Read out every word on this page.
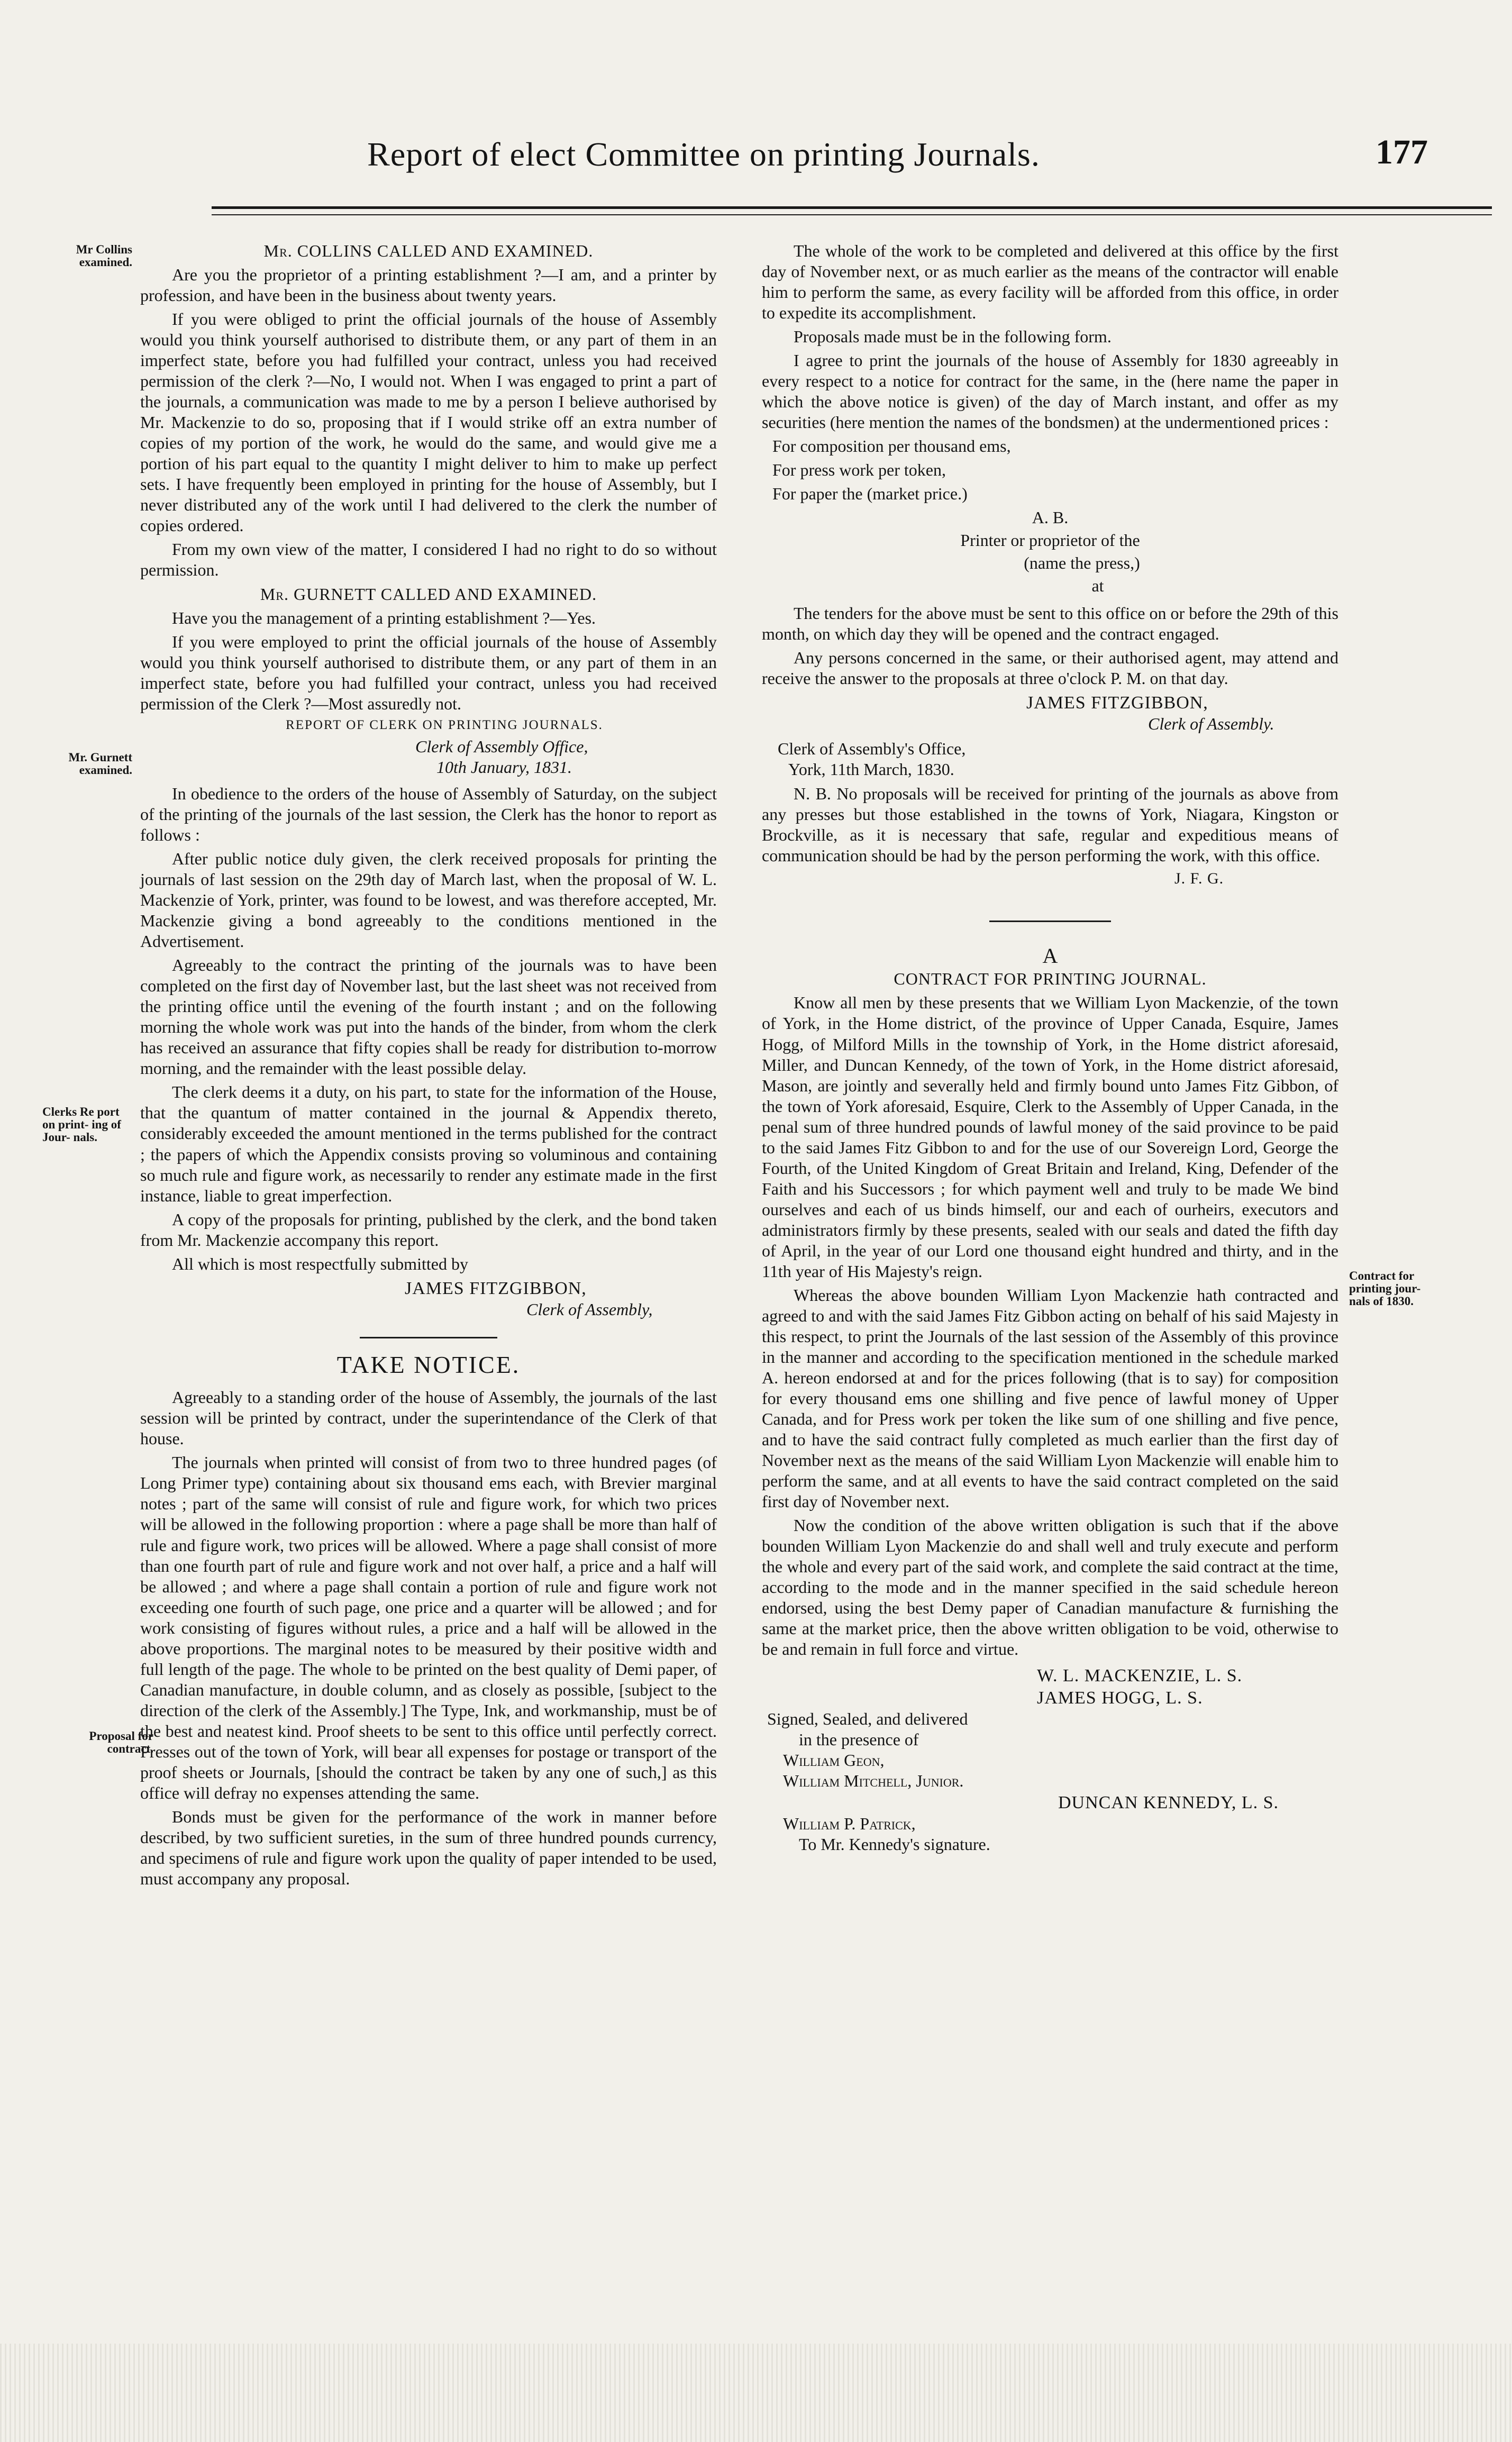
Report of elect Committee on printing Journals.	177
Mr Collins examined.
Mr. Gurnett examined.
Clerks Re port on print- ing of Jour- nals.
Proposal for contract.
Contract for printing jour- nals of 1830.

Mr. COLLINS CALLED AND EXAMINED.

Are you the proprietor of a printing establishment ?—I am, and a printer by profession, and have been in the business about twenty years.

If you were obliged to print the official journals of the house of Assembly would you think yourself authorised to distribute them, or any part of them in an imperfect state, before you had fulfilled your contract, unless you had received permission of the clerk ?—No, I would not. When I was engaged to print a part of the journals, a communication was made to me by a person I believe authorised by Mr. Mackenzie to do so, proposing that if I would strike off an extra number of copies of my portion of the work, he would do the same, and would give me a portion of his part equal to the quantity I might deliver to him to make up perfect sets. I have frequently been employed in printing for the house of Assembly, but I never distributed any of the work until I had delivered to the clerk the number of copies ordered.

From my own view of the matter, I considered I had no right to do so without permission.

Mr. GURNETT CALLED AND EXAMINED.

Have you the management of a printing establishment ?—Yes.

If you were employed to print the official journals of the house of Assembly would you think yourself authorised to distribute them, or any part of them in an imperfect state, before you had fulfilled your contract, unless you had received permission of the Clerk ?—Most assuredly not.

REPORT OF CLERK ON PRINTING JOURNALS.

Clerk of Assembly Office,
10th January, 1831.

In obedience to the orders of the house of Assembly of Saturday, on the subject of the printing of the journals of the last session, the Clerk has the honor to report as follows :

After public notice duly given, the clerk received proposals for printing the journals of last session on the 29th day of March last, when the proposal of W. L. Mackenzie of York, printer, was found to be lowest, and was therefore accepted, Mr. Mackenzie giving a bond agreeably to the conditions mentioned in the Advertisement.

Agreeably to the contract the printing of the journals was to have been completed on the first day of November last, but the last sheet was not received from the printing office until the evening of the fourth instant ; and on the following morning the whole work was put into the hands of the binder, from whom the clerk has received an assurance that fifty copies shall be ready for distribution to-morrow morning, and the remainder with the least possible delay.

The clerk deems it a duty, on his part, to state for the information of the House, that the quantum of matter contained in the journal & Appendix thereto, considerably exceeded the amount mentioned in the terms published for the contract ; the papers of which the Appendix consists proving so voluminous and containing so much rule and figure work, as necessarily to render any estimate made in the first instance, liable to great imperfection.

A copy of the proposals for printing, published by the clerk, and the bond taken from Mr. Mackenzie accompany this report.

All which is most respectfully submitted by

JAMES FITZGIBBON,
Clerk of Assembly,
TAKE NOTICE.

Agreeably to a standing order of the house of Assembly, the journals of the last session will be printed by contract, under the superintendance of the Clerk of that house.

The journals when printed will consist of from two to three hundred pages (of Long Primer type) containing about six thousand ems each, with Brevier marginal notes ; part of the same will consist of rule and figure work, for which two prices will be allowed in the following proportion : where a page shall be more than half of rule and figure work, two prices will be allowed. Where a page shall consist of more than one fourth part of rule and figure work and not over half, a price and a half will be allowed ; and where a page shall contain a portion of rule and figure work not exceeding one fourth of such page, one price and a quarter will be allowed ; and for work consisting of figures without rules, a price and a half will be allowed in the above proportions. The marginal notes to be measured by their positive width and full length of the page. The whole to be printed on the best quality of Demi paper, of Canadian manufacture, in double column, and as closely as possible, [subject to the direction of the clerk of the Assembly.] The Type, Ink, and workmanship, must be of the best and neatest kind. Proof sheets to be sent to this office until perfectly correct. Presses out of the town of York, will bear all expenses for postage or transport of the proof sheets or Journals, [should the contract be taken by any one of such,] as this office will defray no expenses attending the same.

Bonds must be given for the performance of the work in manner before described, by two sufficient sureties, in the sum of three hundred pounds currency, and specimens of rule and figure work upon the quality of paper intended to be used, must accompany any proposal.

The whole of the work to be completed and delivered at this office by the first day of November next, or as much earlier as the means of the contractor will enable him to perform the same, as every facility will be afforded from this office, in order to expedite its accomplishment.

Proposals made must be in the following form.

I agree to print the journals of the house of Assembly for 1830 agreeably in every respect to a notice for contract for the same, in the (here name the paper in which the above notice is given) of the day of March instant, and offer as my securities (here mention the names of the bondsmen) at the undermentioned prices :

For composition per thousand ems,

For press work per token,

For paper the (market price.)

A. B.
Printer or proprietor of the
(name the press,)
at

The tenders for the above must be sent to this office on or before the 29th of this month, on which day they will be opened and the contract engaged.

Any persons concerned in the same, or their authorised agent, may attend and receive the answer to the proposals at three o'clock P. M. on that day.

JAMES FITZGIBBON,
Clerk of Assembly.
Clerk of Assembly's Office,
York, 11th March, 1830.

N. B. No proposals will be received for printing of the journals as above from any presses but those established in the towns of York, Niagara, Kingston or Brockville, as it is necessary that safe, regular and expeditious means of communication should be had by the person performing the work, with this office.

J. F. G.
A

CONTRACT FOR PRINTING JOURNAL.

Know all men by these presents that we William Lyon Mackenzie, of the town of York, in the Home district, of the province of Upper Canada, Esquire, James Hogg, of Milford Mills in the township of York, in the Home district aforesaid, Miller, and Duncan Kennedy, of the town of York, in the Home district aforesaid, Mason, are jointly and severally held and firmly bound unto James Fitz Gibbon, of the town of York aforesaid, Esquire, Clerk to the Assembly of Upper Canada, in the penal sum of three hundred pounds of lawful money of the said province to be paid to the said James Fitz Gibbon to and for the use of our Sovereign Lord, George the Fourth, of the United Kingdom of Great Britain and Ireland, King, Defender of the Faith and his Successors ; for which payment well and truly to be made We bind ourselves and each of us binds himself, our and each of ourheirs, executors and administrators firmly by these presents, sealed with our seals and dated the fifth day of April, in the year of our Lord one thousand eight hundred and thirty, and in the 11th year of His Majesty's reign.

Whereas the above bounden William Lyon Mackenzie hath contracted and agreed to and with the said James Fitz Gibbon acting on behalf of his said Majesty in this respect, to print the Journals of the last session of the Assembly of this province in the manner and according to the specification mentioned in the schedule marked A. hereon endorsed at and for the prices following (that is to say) for composition for every thousand ems one shilling and five pence of lawful money of Upper Canada, and for Press work per token the like sum of one shilling and five pence, and to have the said contract fully completed as much earlier than the first day of November next as the means of the said William Lyon Mackenzie will enable him to perform the same, and at all events to have the said contract completed on the said first day of November next.

Now the condition of the above written obligation is such that if the above bounden William Lyon Mackenzie do and shall well and truly execute and perform the whole and every part of the said work, and complete the said contract at the time, according to the mode and in the manner specified in the said schedule hereon endorsed, using the best Demy paper of Canadian manufacture & furnishing the same at the market price, then the above written obligation to be void, otherwise to be and remain in full force and virtue.

W. L. MACKENZIE, L. S.
JAMES HOGG, L. S.
Signed, Sealed, and delivered
in the presence of
William Geon,
William Mitchell, Junior.
DUNCAN KENNEDY, L. S.
William P. Patrick,
To Mr. Kennedy's signature.
